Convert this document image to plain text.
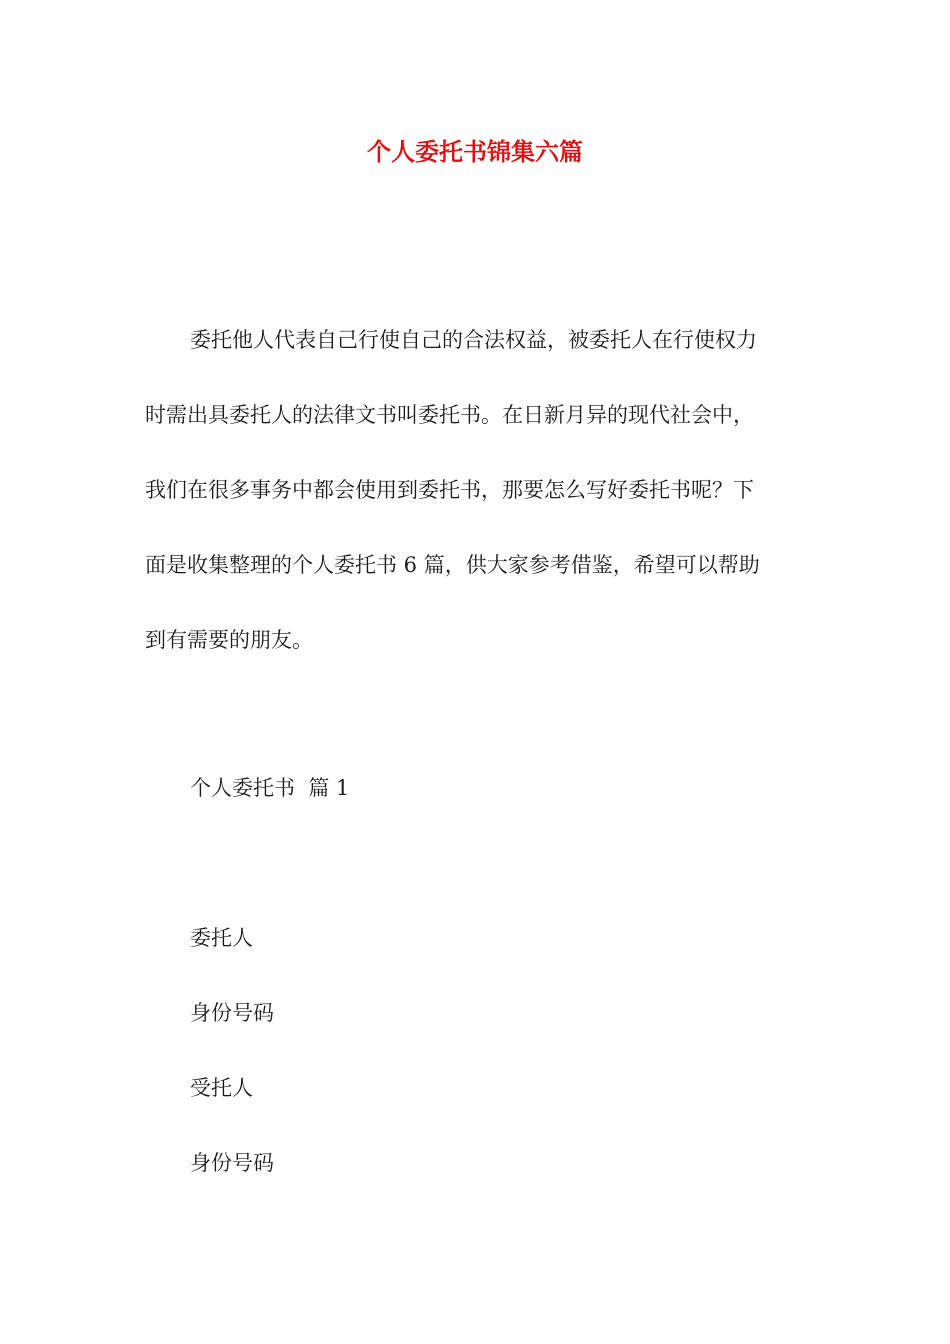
个人委托书锦集六篇
委托他人代表自己行使自己的合法权益，被委托人在行使权力
时需出具委托人的法律文书叫委托书。在日新月异的现代社会中，
我们在很多事务中都会使用到委托书，那要怎么写好委托书呢？下
面是收集整理的个人委托书 6 篇，供大家参考借鉴，希望可以帮助
到有需要的朋友。
个人委托书  篇 1
委托人
身份号码
受托人
身份号码
